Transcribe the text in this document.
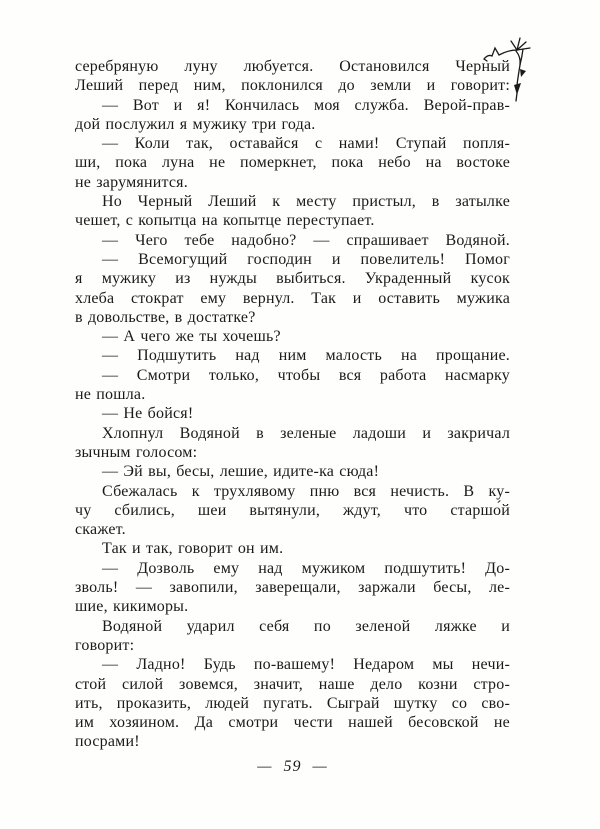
серебряную луну любуется. Остановился Черный
Леший перед ним, поклонился до земли и говорит:
— Вот и я! Кончилась моя служба. Верой-прав-
дой послужил я мужику три года.
— Коли так, оставайся с нами! Ступай попля-
ши, пока луна не померкнет, пока небо на востоке
не зарумянится.
Но Черный Леший к месту пристыл, в затылке
чешет, с копытца на копытце переступает.
— Чего тебе надобно? — спрашивает Водяной.
— Всемогущий господин и повелитель! Помог
я мужику из нужды выбиться. Украденный кусок
хлеба стократ ему вернул. Так и оставить мужика
в довольстве, в достатке?
— А чего же ты хочешь?
— Подшутить над ним малость на прощание.
— Смотри только, чтобы вся работа насмарку
не пошла.
— Не бойся!
Хлопнул Водяной в зеленые ладоши и закричал
зычным голосом:
— Эй вы, бесы, лешие, идите-ка сюда!
Сбежалась к трухлявому пню вся нечисть. В ку-
чу сбились, шеи вытянули, ждут, что старшо́й
скажет.
Так и так, говорит он им.
— Дозволь ему над мужиком подшутить! До-
зволь! — завопили, заверещали, заржали бесы, ле-
шие, кикиморы.
Водяной ударил себя по зеленой ляжке и
говорит:
— Ладно! Будь по-вашему! Недаром мы нечи-
стой силой зовемся, значит, наше дело козни стро-
ить, проказить, людей пугать. Сыграй шутку со сво-
им хозяином. Да смотри чести нашей бесовской не
посрами!
— 59 —
